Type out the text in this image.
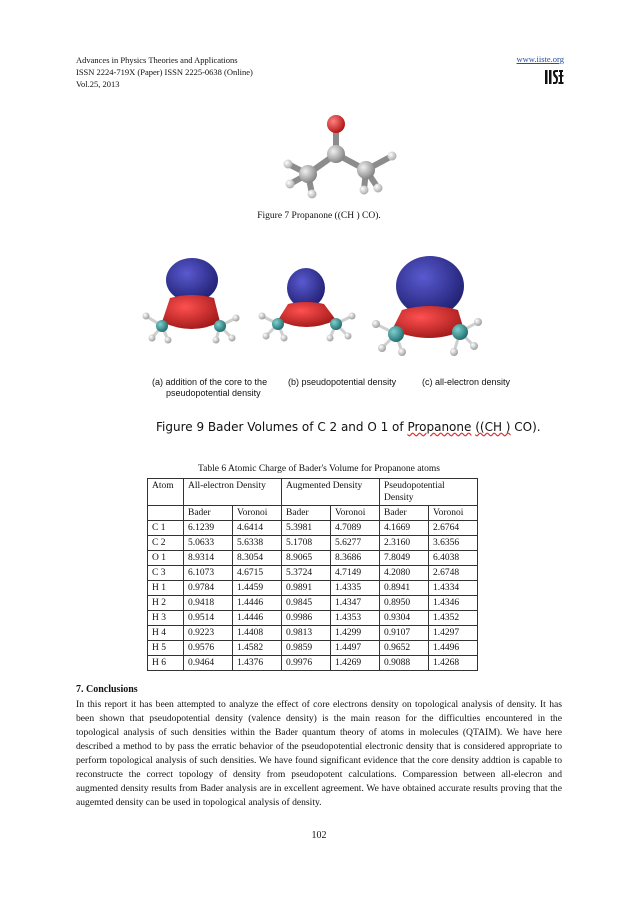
Advances in Physics Theories and Applications
ISSN 2224-719X (Paper) ISSN 2225-0638 (Online)
Vol.25, 2013
www.iiste.org
Figure 7 Propanone ((CH ) CO).
(a) addition of the core to the (b) pseudopotential density	(c) all-electron density
pseudopotential density
Figure 9 Bader Volumes of C 2 and O 1 of Propanone ((CH ) CO).
Table 6 Atomic Charge of Bader's Volume for Propanone atoms
Atom	All-electron Density		Augmented Density		Pseudopotential Density	
	Bader	Voronoi	Bader	Voronoi	Bader	Voronoi
C 1	6.1239	4.6414	5.3981	4.7089	4.1669	2.6764
C 2	5.0633	5.6338	5.1708	5.6277	2.3160	3.6356
O 1	8.9314	8.3054	8.9065	8.3686	7.8049	6.4038
C 3	6.1073	4.6715	5.3724	4.7149	4.2080	2.6748
H 1	0.9784	1.4459	0.9891	1.4335	0.8941	1.4334
H 2	0.9418	1.4446	0.9845	1.4347	0.8950	1.4346
H 3	0.9514	1.4446	0.9986	1.4353	0.9304	1.4352
H 4	0.9223	1.4408	0.9813	1.4299	0.9107	1.4297
H 5	0.9576	1.4582	0.9859	1.4497	0.9652	1.4496
H 6	0.9464	1.4376	0.9976	1.4269	0.9088	1.4268
7. Conclusions
In this report it has been attempted to analyze the effect of core electrons density on topological analysis of density. It has been shown that pseudopotential density (valence density) is the main reason for the difficulties encountered in the topological analysis of such densities within the Bader quantum theory of atoms in molecules (QTAIM). We have here described a method to by pass the erratic behavior of the pseudopotential electronic density that is considered appropriate to perform topological analysis of such densities. We have found significant evidence that the core density addtion is capable to reconstructe the correct topology of density from pseudopotent calculations. Comparession between all-elecron and augmented density results from Bader analysis are in excellent agreement. We have obtained accurate results proving that the augemted density can be used in topological analysis of density.
102
